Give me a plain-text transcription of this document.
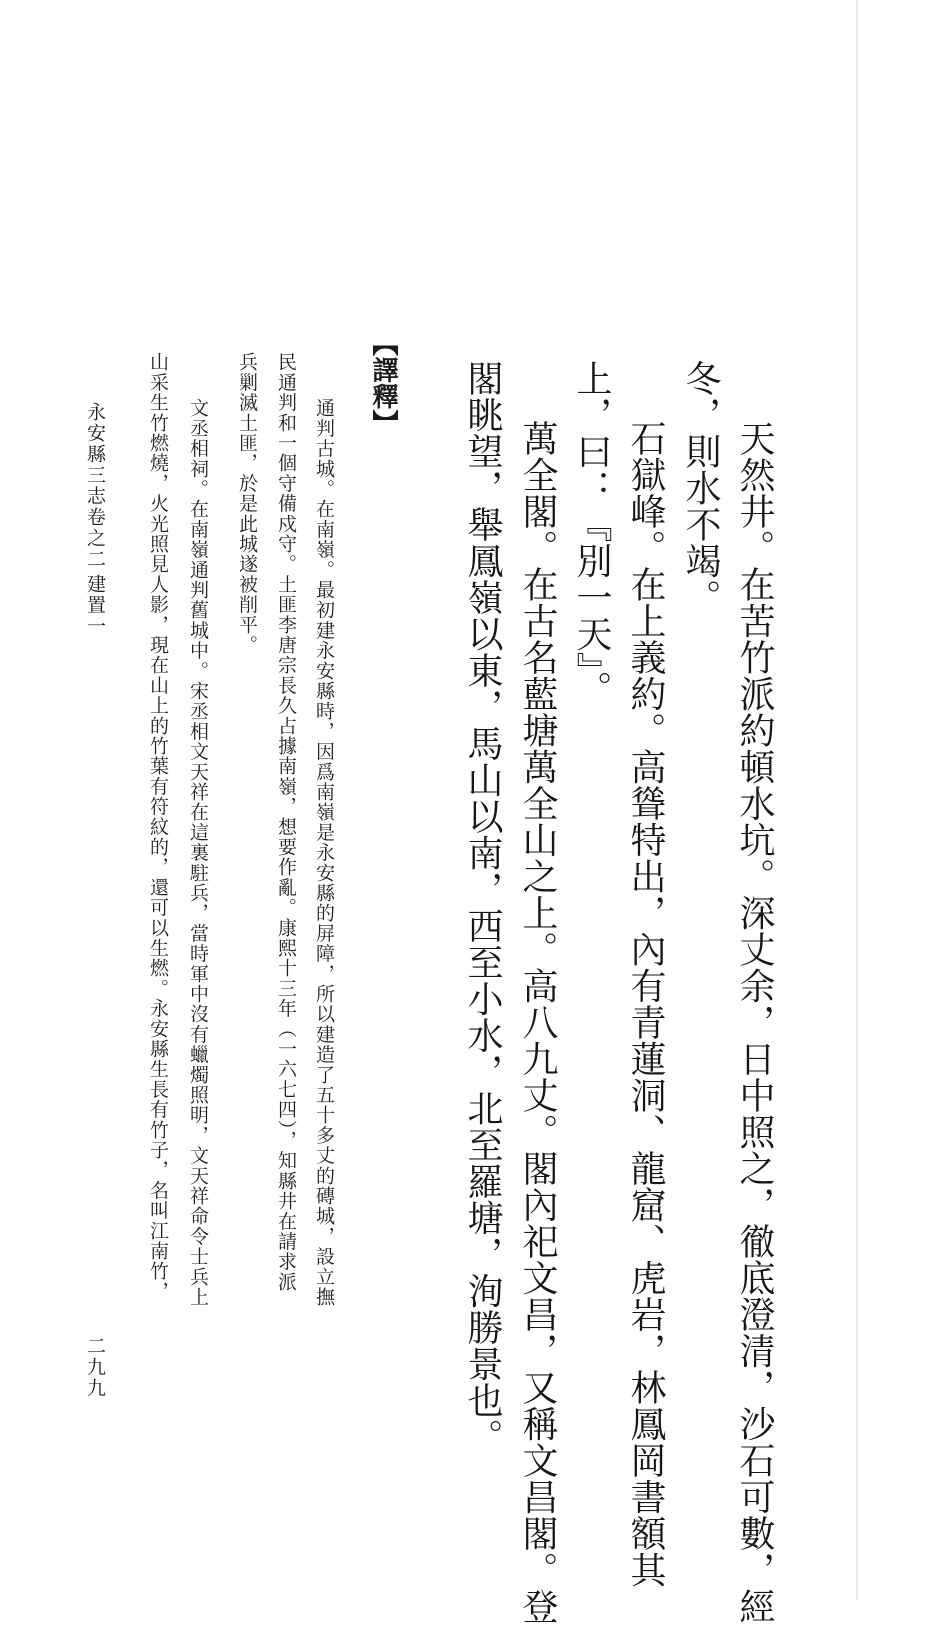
天然井。在苦竹派約頓水坑。深丈余，日中照之，徹底澄清，沙石可數，經
冬，則水不竭。
石獄峰。在上義約。高聳特出，內有青蓮洞、龍窟、虎岩，林鳳岡書額其
上，曰：『別一天』。
萬全閣。在古名藍塘萬全山之上。高八九丈。閣內祀文昌，又稱文昌閣。登
閣眺望，舉鳳嶺以東，馬山以南，西至小水，北至羅塘，洵勝景也。
【譯釋】
通判古城。在南嶺。最初建永安縣時，因爲南嶺是永安縣的屏障，所以建造了五十多丈的磚城，設立撫
民通判和一個守備戍守。土匪李唐宗長久占據南嶺，想要作亂。康熙十三年（一六七四），知縣井在請求派
兵剿滅土匪，於是此城遂被削平。
文丞相祠。在南嶺通判舊城中。宋丞相文天祥在這裏駐兵，當時軍中沒有蠟燭照明，文天祥命令士兵上
山采生竹燃燒，火光照見人影，現在山上的竹葉有符紋的，還可以生燃。永安縣生長有竹子，名叫江南竹，
永安縣三志卷之二
建置一
二九九
